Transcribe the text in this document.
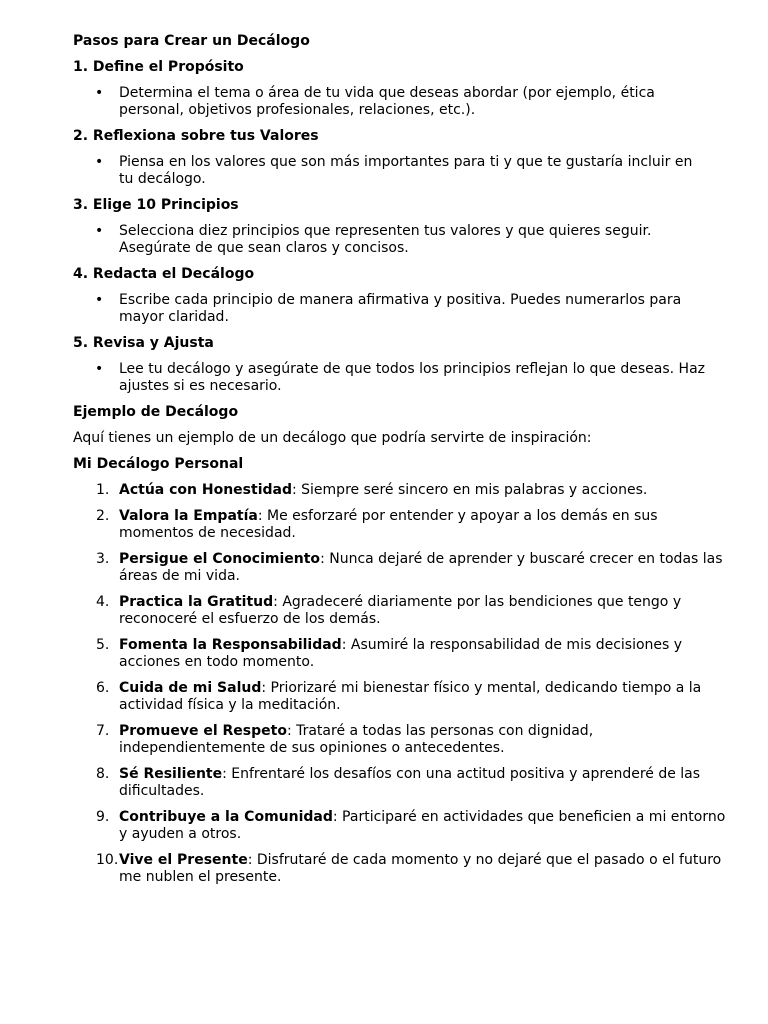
Pasos para Crear un Decálogo
1. Define el Propósito
• Determina el tema o área de tu vida que deseas abordar (por ejemplo, ética personal, objetivos profesionales, relaciones, etc.).
2. Reflexiona sobre tus Valores
• Piensa en los valores que son más importantes para ti y que te gustaría incluir en tu decálogo.
3. Elige 10 Principios
• Selecciona diez principios que representen tus valores y que quieres seguir. Asegúrate de que sean claros y concisos.
4. Redacta el Decálogo
• Escribe cada principio de manera afirmativa y positiva. Puedes numerarlos para mayor claridad.
5. Revisa y Ajusta
• Lee tu decálogo y asegúrate de que todos los principios reflejan lo que deseas. Haz ajustes si es necesario.
Ejemplo de Decálogo
Aquí tienes un ejemplo de un decálogo que podría servirte de inspiración:
Mi Decálogo Personal
1. Actúa con Honestidad: Siempre seré sincero en mis palabras y acciones.
2. Valora la Empatía: Me esforzaré por entender y apoyar a los demás en sus momentos de necesidad.
3. Persigue el Conocimiento: Nunca dejaré de aprender y buscaré crecer en todas las áreas de mi vida.
4. Practica la Gratitud: Agradeceré diariamente por las bendiciones que tengo y reconoceré el esfuerzo de los demás.
5. Fomenta la Responsabilidad: Asumiré la responsabilidad de mis decisiones y acciones en todo momento.
6. Cuida de mi Salud: Priorizaré mi bienestar físico y mental, dedicando tiempo a la actividad física y la meditación.
7. Promueve el Respeto: Trataré a todas las personas con dignidad, independientemente de sus opiniones o antecedentes.
8. Sé Resiliente: Enfrentaré los desafíos con una actitud positiva y aprenderé de las dificultades.
9. Contribuye a la Comunidad: Participaré en actividades que beneficien a mi entorno y ayuden a otros.
10. Vive el Presente: Disfrutaré de cada momento y no dejaré que el pasado o el futuro me nublen el presente.
